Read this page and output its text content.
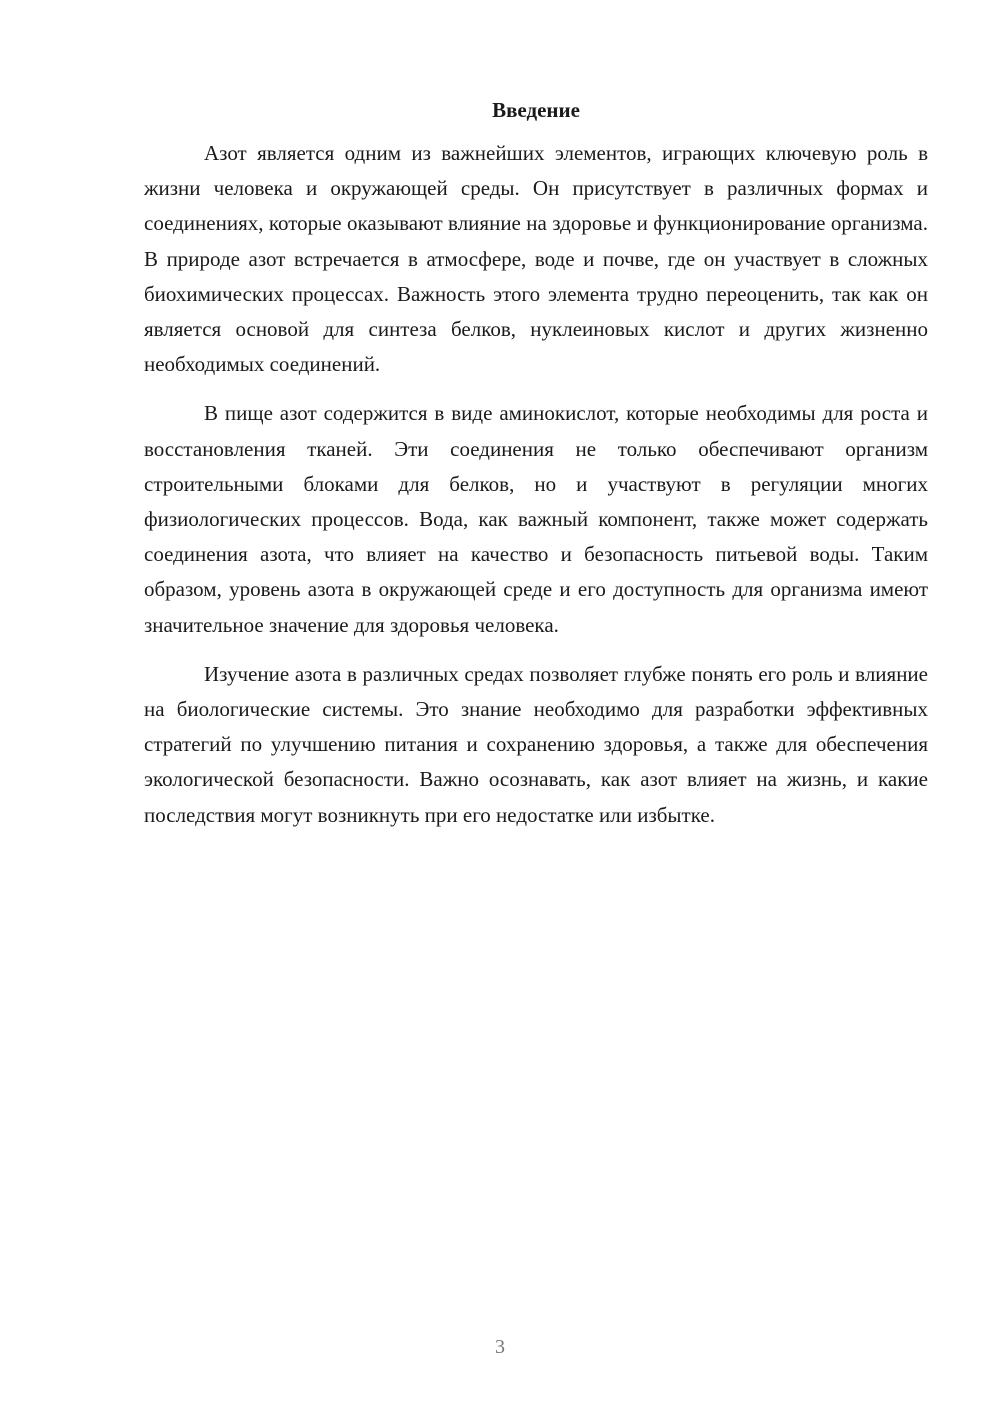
Введение

Азот является одним из важнейших элементов, играющих ключевую роль в жизни человека и окружающей среды. Он присутствует в различных формах и соединениях, которые оказывают влияние на здоровье и функционирование организма. В природе азот встречается в атмосфере, воде и почве, где он участвует в сложных биохимических процессах. Важность этого элемента трудно переоценить, так как он является основой для синтеза белков, нуклеиновых кислот и других жизненно необходимых соединений.

В пище азот содержится в виде аминокислот, которые необходимы для роста и восстановления тканей. Эти соединения не только обеспечивают организм строительными блоками для белков, но и участвуют в регуляции многих физиологических процессов. Вода, как важный компонент, также может содержать соединения азота, что влияет на качество и безопасность питьевой воды. Таким образом, уровень азота в окружающей среде и его доступность для организма имеют значительное значение для здоровья человека.

Изучение азота в различных средах позволяет глубже понять его роль и влияние на биологические системы. Это знание необходимо для разработки эффективных стратегий по улучшению питания и сохранению здоровья, а также для обеспечения экологической безопасности. Важно осознавать, как азот влияет на жизнь, и какие последствия могут возникнуть при его недостатке или избытке.

3
